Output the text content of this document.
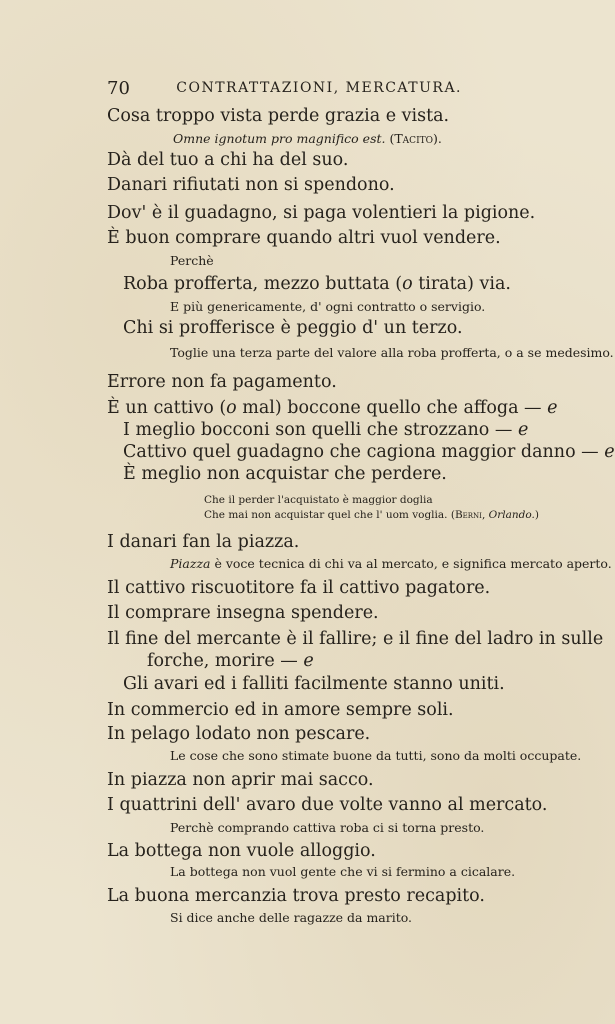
70	CONTRATTAZIONI, MERCATURA.
Cosa troppo vista perde grazia e vista.
Omne ignotum pro magnifico est. (Tacito).
Dà del tuo a chi ha del suo.
Danari rifiutati non si spendono.
Dov' è il guadagno, si paga volentieri la pigione.
È buon comprare quando altri vuol vendere.
Perchè
Roba profferta, mezzo buttata (o tirata) via.
E più genericamente, d' ogni contratto o servigio.
Chi si profferisce è peggio d' un terzo.
Toglie una terza parte del valore alla roba profferta, o a se medesimo.
Errore non fa pagamento.
È un cattivo (o mal) boccone quello che affoga — e
I meglio bocconi son quelli che strozzano — e
Cattivo quel guadagno che cagiona maggior danno — e
È meglio non acquistar che perdere.
Che il perder l'acquistato è maggior doglia
Che mai non acquistar quel che l' uom voglia. (Berni, Orlando.)
I danari fan la piazza.
Piazza è voce tecnica di chi va al mercato, e significa mercato aperto.
Il cattivo riscuotitore fa il cattivo pagatore.
Il comprare insegna spendere.
Il fine del mercante è il fallire; e il fine del ladro in sulle
forche, morire — e
Gli avari ed i falliti facilmente stanno uniti.
In commercio ed in amore sempre soli.
In pelago lodato non pescare.
Le cose che sono stimate buone da tutti, sono da molti occupate.
In piazza non aprir mai sacco.
I quattrini dell' avaro due volte vanno al mercato.
Perchè comprando cattiva roba ci si torna presto.
La bottega non vuole alloggio.
La bottega non vuol gente che vi si fermino a cicalare.
La buona mercanzia trova presto recapito.
Si dice anche delle ragazze da marito.
